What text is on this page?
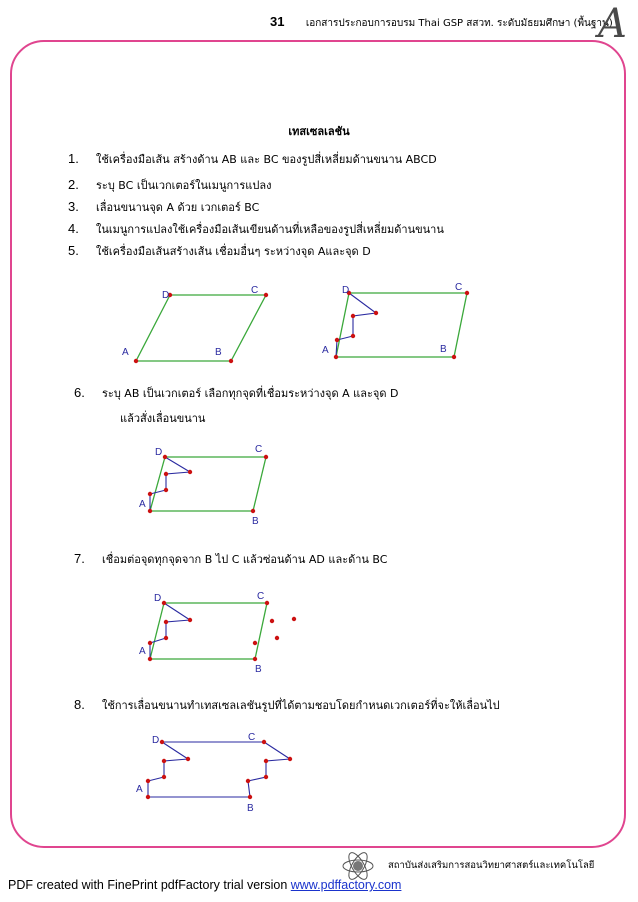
31 เอกสารประกอบการอบรม Thai GSP สสวท. ระดับมัธยมศึกษา (พื้นฐาน)
A
เทสเซลเลชัน
1. ใช้เครื่องมือเส้น สร้างด้าน AB และ BC ของรูปสี่เหลี่ยมด้านขนาน ABCD
2. ระบุ BC เป็นเวกเตอร์ในเมนูการแปลง
3. เลื่อนขนานจุด A ด้วย เวกเตอร์ BC
4. ในเมนูการแปลงใช้เครื่องมือเส้นเขียนด้านที่เหลือของรูปสี่เหลี่ยมด้านขนาน
5. ใช้เครื่องมือเส้นสร้างเส้น เชื่อมอื่นๆ ระหว่างจุด Aและจุด D
A	B
C
D
A	B
C
D
6. ระบุ AB เป็นเวกเตอร์ เลือกทุกจุดที่เชื่อมระหว่างจุด A และจุด D
แล้วสั่งเลื่อนขนาน
A
B
C
D
7. เชื่อมต่อจุดทุกจุดจาก B ไป C แล้วซ่อนด้าน AD และด้าน BC
A
B
C
D
8. ใช้การเลื่อนขนานทำเทสเซลเลชันรูปที่ได้ตามชอบโดยกำหนดเวกเตอร์ที่จะให้เลื่อนไป
A
B
C
D
สถาบันส่งเสริมการสอนวิทยาศาสตร์และเทคโนโลยี
PDF created with FinePrint pdfFactory trial version www.pdffactory.com
